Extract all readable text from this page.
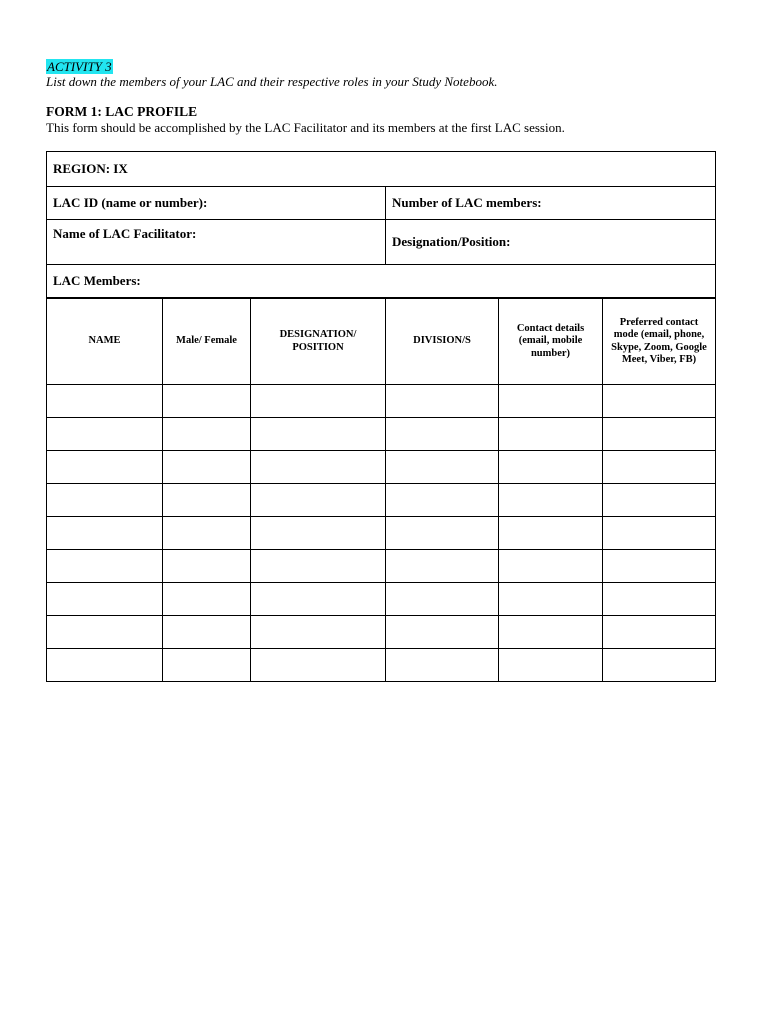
ACTIVITY 3
List down the members of your LAC and their respective roles in your Study Notebook.
FORM 1: LAC PROFILE
This form should be accomplished by the LAC Facilitator and its members at the first LAC session.
REGION: IX	
LAC ID (name or number):	Number of LAC members:
Name of LAC Facilitator:	Designation/Position:
LAC Members:	
NAME	Male/ Female	DESIGNATION/ POSITION	DIVISION/S	Contact details (email, mobile number)	Preferred contact mode (email, phone, Skype, Zoom, Google Meet, Viber, FB)
